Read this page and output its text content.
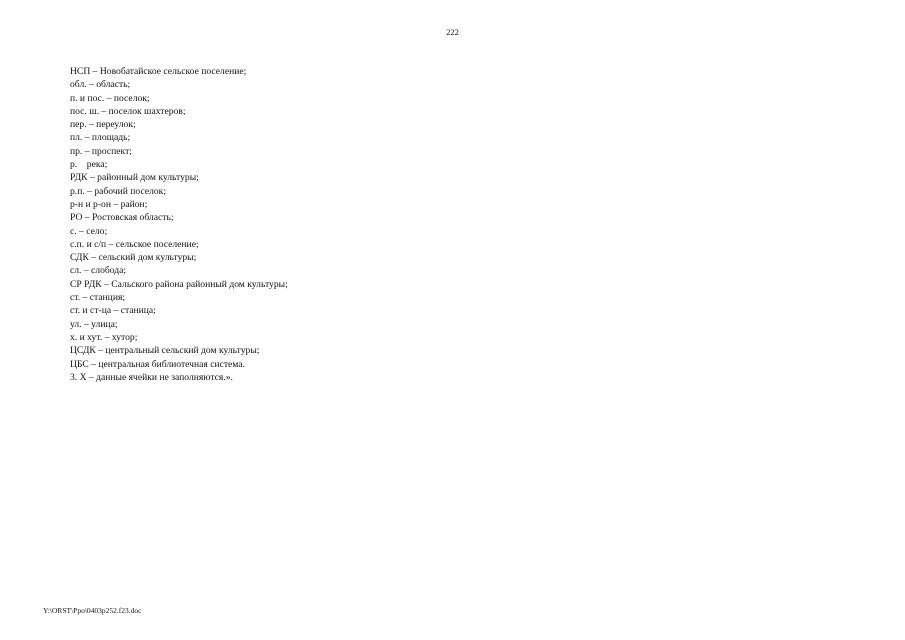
222
НСП – Новобатайское сельское поселение;
обл. – область;
п. и пос. – поселок;
пос. ш. – поселок шахтеров;
пер. – переулок;
пл. – площадь;
пр. – проспект;
р.    река;
РДК – районный дом культуры;
р.п. – рабочий поселок;
р-н и р-он – район;
РО – Ростовская область;
с. – село;
с.п. и с/п – сельское поселение;
СДК – сельский дом культуры;
сл. – слобода;
СР РДК – Сальского района районный дом культуры;
ст. – станция;
ст. и ст-ца – станица;
ул. – улица;
х. и хут. – хутор;
ЦСДК – центральный сельский дом культуры;
ЦБС – центральная библиотечная система.
3. Х – данные ячейки не заполняются.».
Y:\ORST\Ppo\0403p252.f23.doc
